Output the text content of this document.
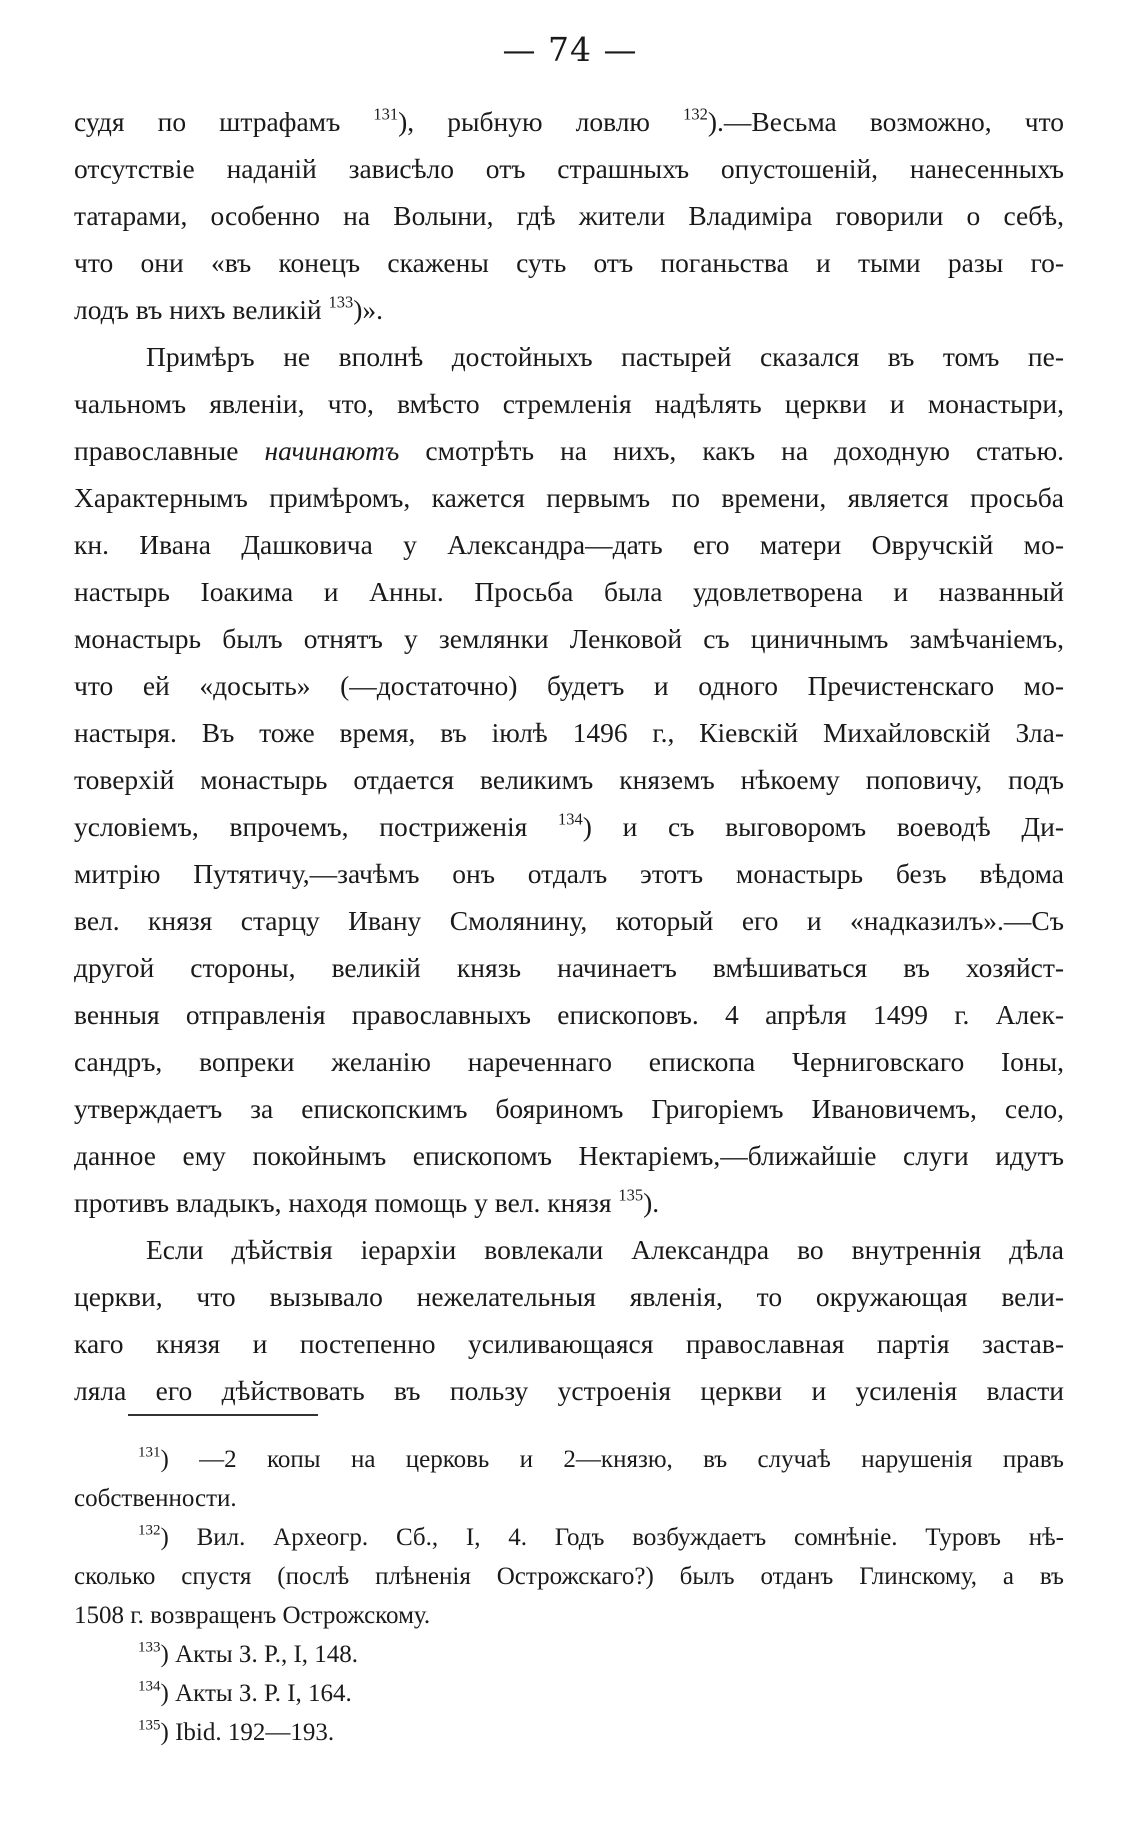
— 74 —

судя по штрафамъ $^{131}$), рыбную ловлю $^{132}$).—Весьма возможно, что
отсутствіе наданій зависѣло отъ страшныхъ опустошеній, нанесенныхъ
татарами, особенно на Волыни, гдѣ жители Владиміра говорили о себѣ,
что они «въ конецъ скажены суть отъ поганьства и тыми разы го-
лодъ въ нихъ великій $^{133}$)».

Примѣръ не вполнѣ достойныхъ пастырей сказался въ томъ пе-
чальномъ явленіи, что, вмѣсто стремленія надѣлять церкви и монастыри,
православные начинаютъ смотрѣть на нихъ, какъ на доходную статью.
Характернымъ примѣромъ, кажется первымъ по времени, является просьба
кн. Ивана Дашковича у Александра—дать его матери Овручскій мо-
настырь Іоакима и Анны. Просьба была удовлетворена и названный
монастырь былъ отнятъ у землянки Ленковой съ циничнымъ замѣчаніемъ,
что ей «досыть» (—достаточно) будетъ и одного Пречистенскаго мо-
настыря. Въ тоже время, въ іюлѣ 1496 г., Кіевскій Михайловскій Зла-
товерхій монастырь отдается великимъ княземъ нѣкоему поповичу, подъ
условіемъ, впрочемъ, постриженія $^{134}$) и съ выговоромъ воеводѣ Ди-
митрію Путятичу,—зачѣмъ онъ отдалъ этотъ монастырь безъ вѣдома
вел. князя старцу Ивану Смолянину, который его и «надказилъ».—Съ
другой стороны, великій князь начинаетъ вмѣшиваться въ хозяйст-
венныя отправленія православныхъ епископовъ. 4 апрѣля 1499 г. Алек-
сандръ, вопреки желанію нареченнаго епископа Черниговскаго Іоны,
утверждаетъ за епископскимъ бояриномъ Григоріемъ Ивановичемъ, село,
данное ему покойнымъ епископомъ Нектаріемъ,—ближайшіе слуги идутъ
противъ владыкъ, находя помощь у вел. князя $^{135}$).

Если дѣйствія іерархіи вовлекали Александра во внутреннія дѣла
церкви, что вызывало нежелательныя явленія, то окружающая вели-
каго князя и постепенно усиливающаяся православная партія застав-
ляла его дѣйствовать въ пользу устроенія церкви и усиленія власти

$^{131}$) —2 копы на церковь и 2—князю, въ случаѣ нарушенія правъ
собственности.
$^{132}$) Вил. Археогр. Сб., I, 4. Годъ возбуждаетъ сомнѣніе. Туровъ нѣ-
сколько спустя (послѣ плѣненія Острожскаго?) былъ отданъ Глинскому, а въ
1508 г. возвращенъ Острожскому.
$^{133}$) Акты З. Р., I, 148.
$^{134}$) Акты З. Р. I, 164.
$^{135}$) Ibid. 192—193.
